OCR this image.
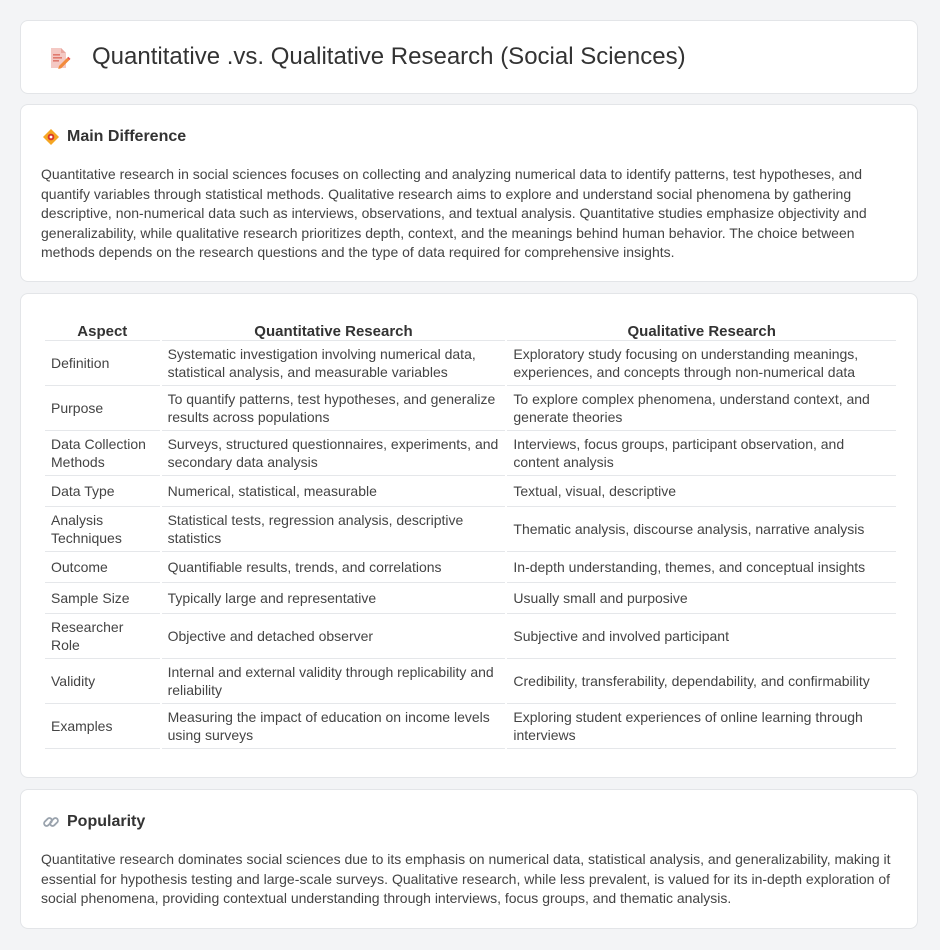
Quantitative .vs. Qualitative Research (Social Sciences)
Main Difference
Quantitative research in social sciences focuses on collecting and analyzing numerical data to identify patterns, test hypotheses, and quantify variables through statistical methods. Qualitative research aims to explore and understand social phenomena by gathering descriptive, non-numerical data such as interviews, observations, and textual analysis. Quantitative studies emphasize objectivity and generalizability, while qualitative research prioritizes depth, context, and the meanings behind human behavior. The choice between methods depends on the research questions and the type of data required for comprehensive insights.
Aspect	Quantitative Research	Qualitative Research
Definition	Systematic investigation involving numerical data, statistical analysis, and measurable variables	Exploratory study focusing on understanding meanings, experiences, and concepts through non-numerical data
Purpose	To quantify patterns, test hypotheses, and generalize results across populations	To explore complex phenomena, understand context, and generate theories
Data Collection Methods	Surveys, structured questionnaires, experiments, and secondary data analysis	Interviews, focus groups, participant observation, and content analysis
Data Type	Numerical, statistical, measurable	Textual, visual, descriptive
Analysis Techniques	Statistical tests, regression analysis, descriptive statistics	Thematic analysis, discourse analysis, narrative analysis
Outcome	Quantifiable results, trends, and correlations	In-depth understanding, themes, and conceptual insights
Sample Size	Typically large and representative	Usually small and purposive
Researcher Role	Objective and detached observer	Subjective and involved participant
Validity	Internal and external validity through replicability and reliability	Credibility, transferability, dependability, and confirmability
Examples	Measuring the impact of education on income levels using surveys	Exploring student experiences of online learning through interviews
Popularity
Quantitative research dominates social sciences due to its emphasis on numerical data, statistical analysis, and generalizability, making it essential for hypothesis testing and large-scale surveys. Qualitative research, while less prevalent, is valued for its in-depth exploration of social phenomena, providing contextual understanding through interviews, focus groups, and thematic analysis.
